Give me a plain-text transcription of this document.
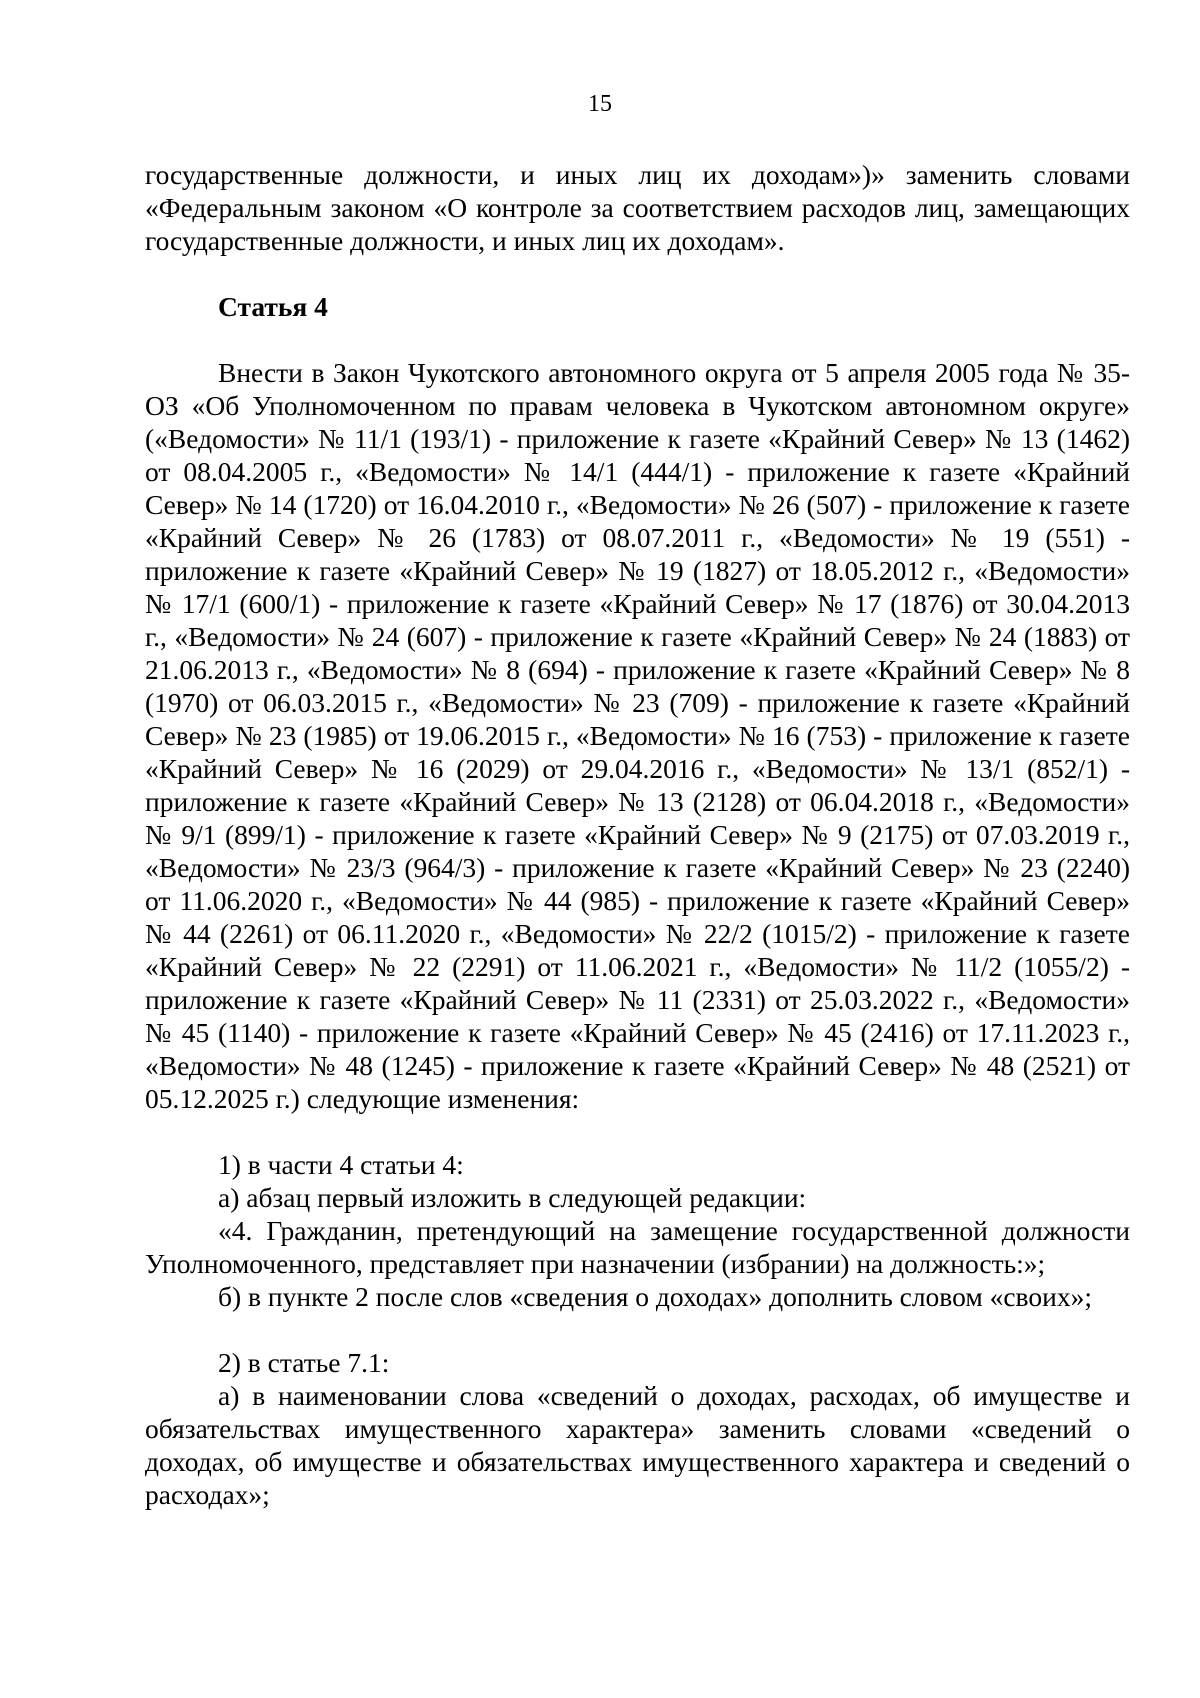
15

государственные должности, и иных лиц их доходам»)» заменить словами «Федеральным законом «О контроле за соответствием расходов лиц, замещающих государственные должности, и иных лиц их доходам».

Статья 4

Внести в Закон Чукотского автономного округа от 5 апреля 2005 года № 35-ОЗ «Об Уполномоченном по правам человека в Чукотском автономном округе» («Ведомости» № 11/1 (193/1) - приложение к газете «Крайний Север» № 13 (1462) от 08.04.2005 г., «Ведомости» № 14/1 (444/1) - приложение к газете «Крайний Север» № 14 (1720) от 16.04.2010 г., «Ведомости» № 26 (507) - приложение к газете «Крайний Север» № 26 (1783) от 08.07.2011 г., «Ведомости» № 19 (551) - приложение к газете «Крайний Север» № 19 (1827) от 18.05.2012 г., «Ведомости» № 17/1 (600/1) - приложение к газете «Крайний Север» № 17 (1876) от 30.04.2013 г., «Ведомости» № 24 (607) - приложение к газете «Крайний Север» № 24 (1883) от 21.06.2013 г., «Ведомости» № 8 (694) - приложение к газете «Крайний Север» № 8 (1970) от 06.03.2015 г., «Ведомости» № 23 (709) - приложение к газете «Крайний Север» № 23 (1985) от 19.06.2015 г., «Ведомости» № 16 (753) - приложение к газете «Крайний Север» № 16 (2029) от 29.04.2016 г., «Ведомости» № 13/1 (852/1) - приложение к газете «Крайний Север» № 13 (2128) от 06.04.2018 г., «Ведомости» № 9/1 (899/1) - приложение к газете «Крайний Север» № 9 (2175) от 07.03.2019 г., «Ведомости» № 23/3 (964/3) - приложение к газете «Крайний Север» № 23 (2240) от 11.06.2020 г., «Ведомости» № 44 (985) - приложение к газете «Крайний Север» № 44 (2261) от 06.11.2020 г., «Ведомости» № 22/2 (1015/2) - приложение к газете «Крайний Север» № 22 (2291) от 11.06.2021 г., «Ведомости» № 11/2 (1055/2) - приложение к газете «Крайний Север» № 11 (2331) от 25.03.2022 г., «Ведомости» № 45 (1140) - приложение к газете «Крайний Север» № 45 (2416) от 17.11.2023 г., «Ведомости» № 48 (1245) - приложение к газете «Крайний Север» № 48 (2521) от 05.12.2025 г.) следующие изменения:

1) в части 4 статьи 4:

а) абзац первый изложить в следующей редакции:

«4. Гражданин, претендующий на замещение государственной должности Уполномоченного, представляет при назначении (избрании) на должность:»;

б) в пункте 2 после слов «сведения о доходах» дополнить словом «своих»;

2) в статье 7.1:

а) в наименовании слова «сведений о доходах, расходах, об имуществе и обязательствах имущественного характера» заменить словами «сведений о доходах, об имуществе и обязательствах имущественного характера и сведений о расходах»;
